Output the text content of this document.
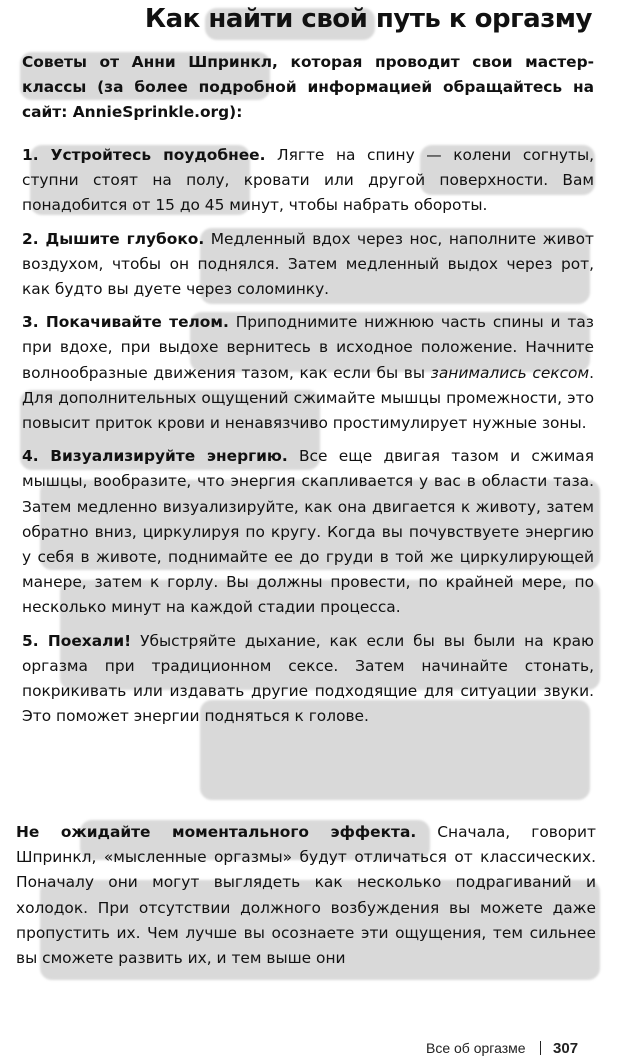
Как найти свой путь к оргазму
Советы от Анни Шпринкл, которая проводит свои мастер-классы (за более подробной информацией обращайтесь на сайт: AnnieSprinkle.org):

1. Устройтесь поудобнее. Лягте на спину — колени согнуты, ступни стоят на полу, кровати или другой поверхности. Вам понадобится от 15 до 45 минут, чтобы набрать обороты.

2. Дышите глубоко. Медленный вдох через нос, наполните живот воздухом, чтобы он поднялся. Затем медленный выдох через рот, как будто вы дуете через соломинку.

3. Покачивайте телом. Приподнимите нижнюю часть спины и таз при вдохе, при выдохе вернитесь в исходное положение. Начните волнообразные движения тазом, как если бы вы занимались сексом. Для дополнительных ощущений сжимайте мышцы промежности, это повысит приток крови и ненавязчиво простимулирует нужные зоны.

4. Визуализируйте энергию. Все еще двигая тазом и сжимая мышцы, вообразите, что энергия скапливается у вас в области таза. Затем медленно визуализируйте, как она двигается к животу, затем обратно вниз, циркулируя по кругу. Когда вы почувствуете энергию у себя в животе, поднимайте ее до груди в той же циркулирующей манере, затем к горлу. Вы должны провести, по крайней мере, по несколько минут на каждой стадии процесса.

5. Поехали! Убыстряйте дыхание, как если бы вы были на краю оргазма при традиционном сексе. Затем начинайте стонать, покрикивать или издавать другие подходящие для ситуации звуки. Это поможет энергии подняться к голове.

Не ожидайте моментального эффекта. Сначала, говорит Шпринкл, «мысленные оргазмы» будут отличаться от классических. Поначалу они могут выглядеть как несколько подрагиваний и холодок. При отсутствии должного возбуждения вы можете даже пропустить их. Чем лучше вы осознаете эти ощущения, тем сильнее вы сможете развить их, и тем выше они
Все об оргазме 307
